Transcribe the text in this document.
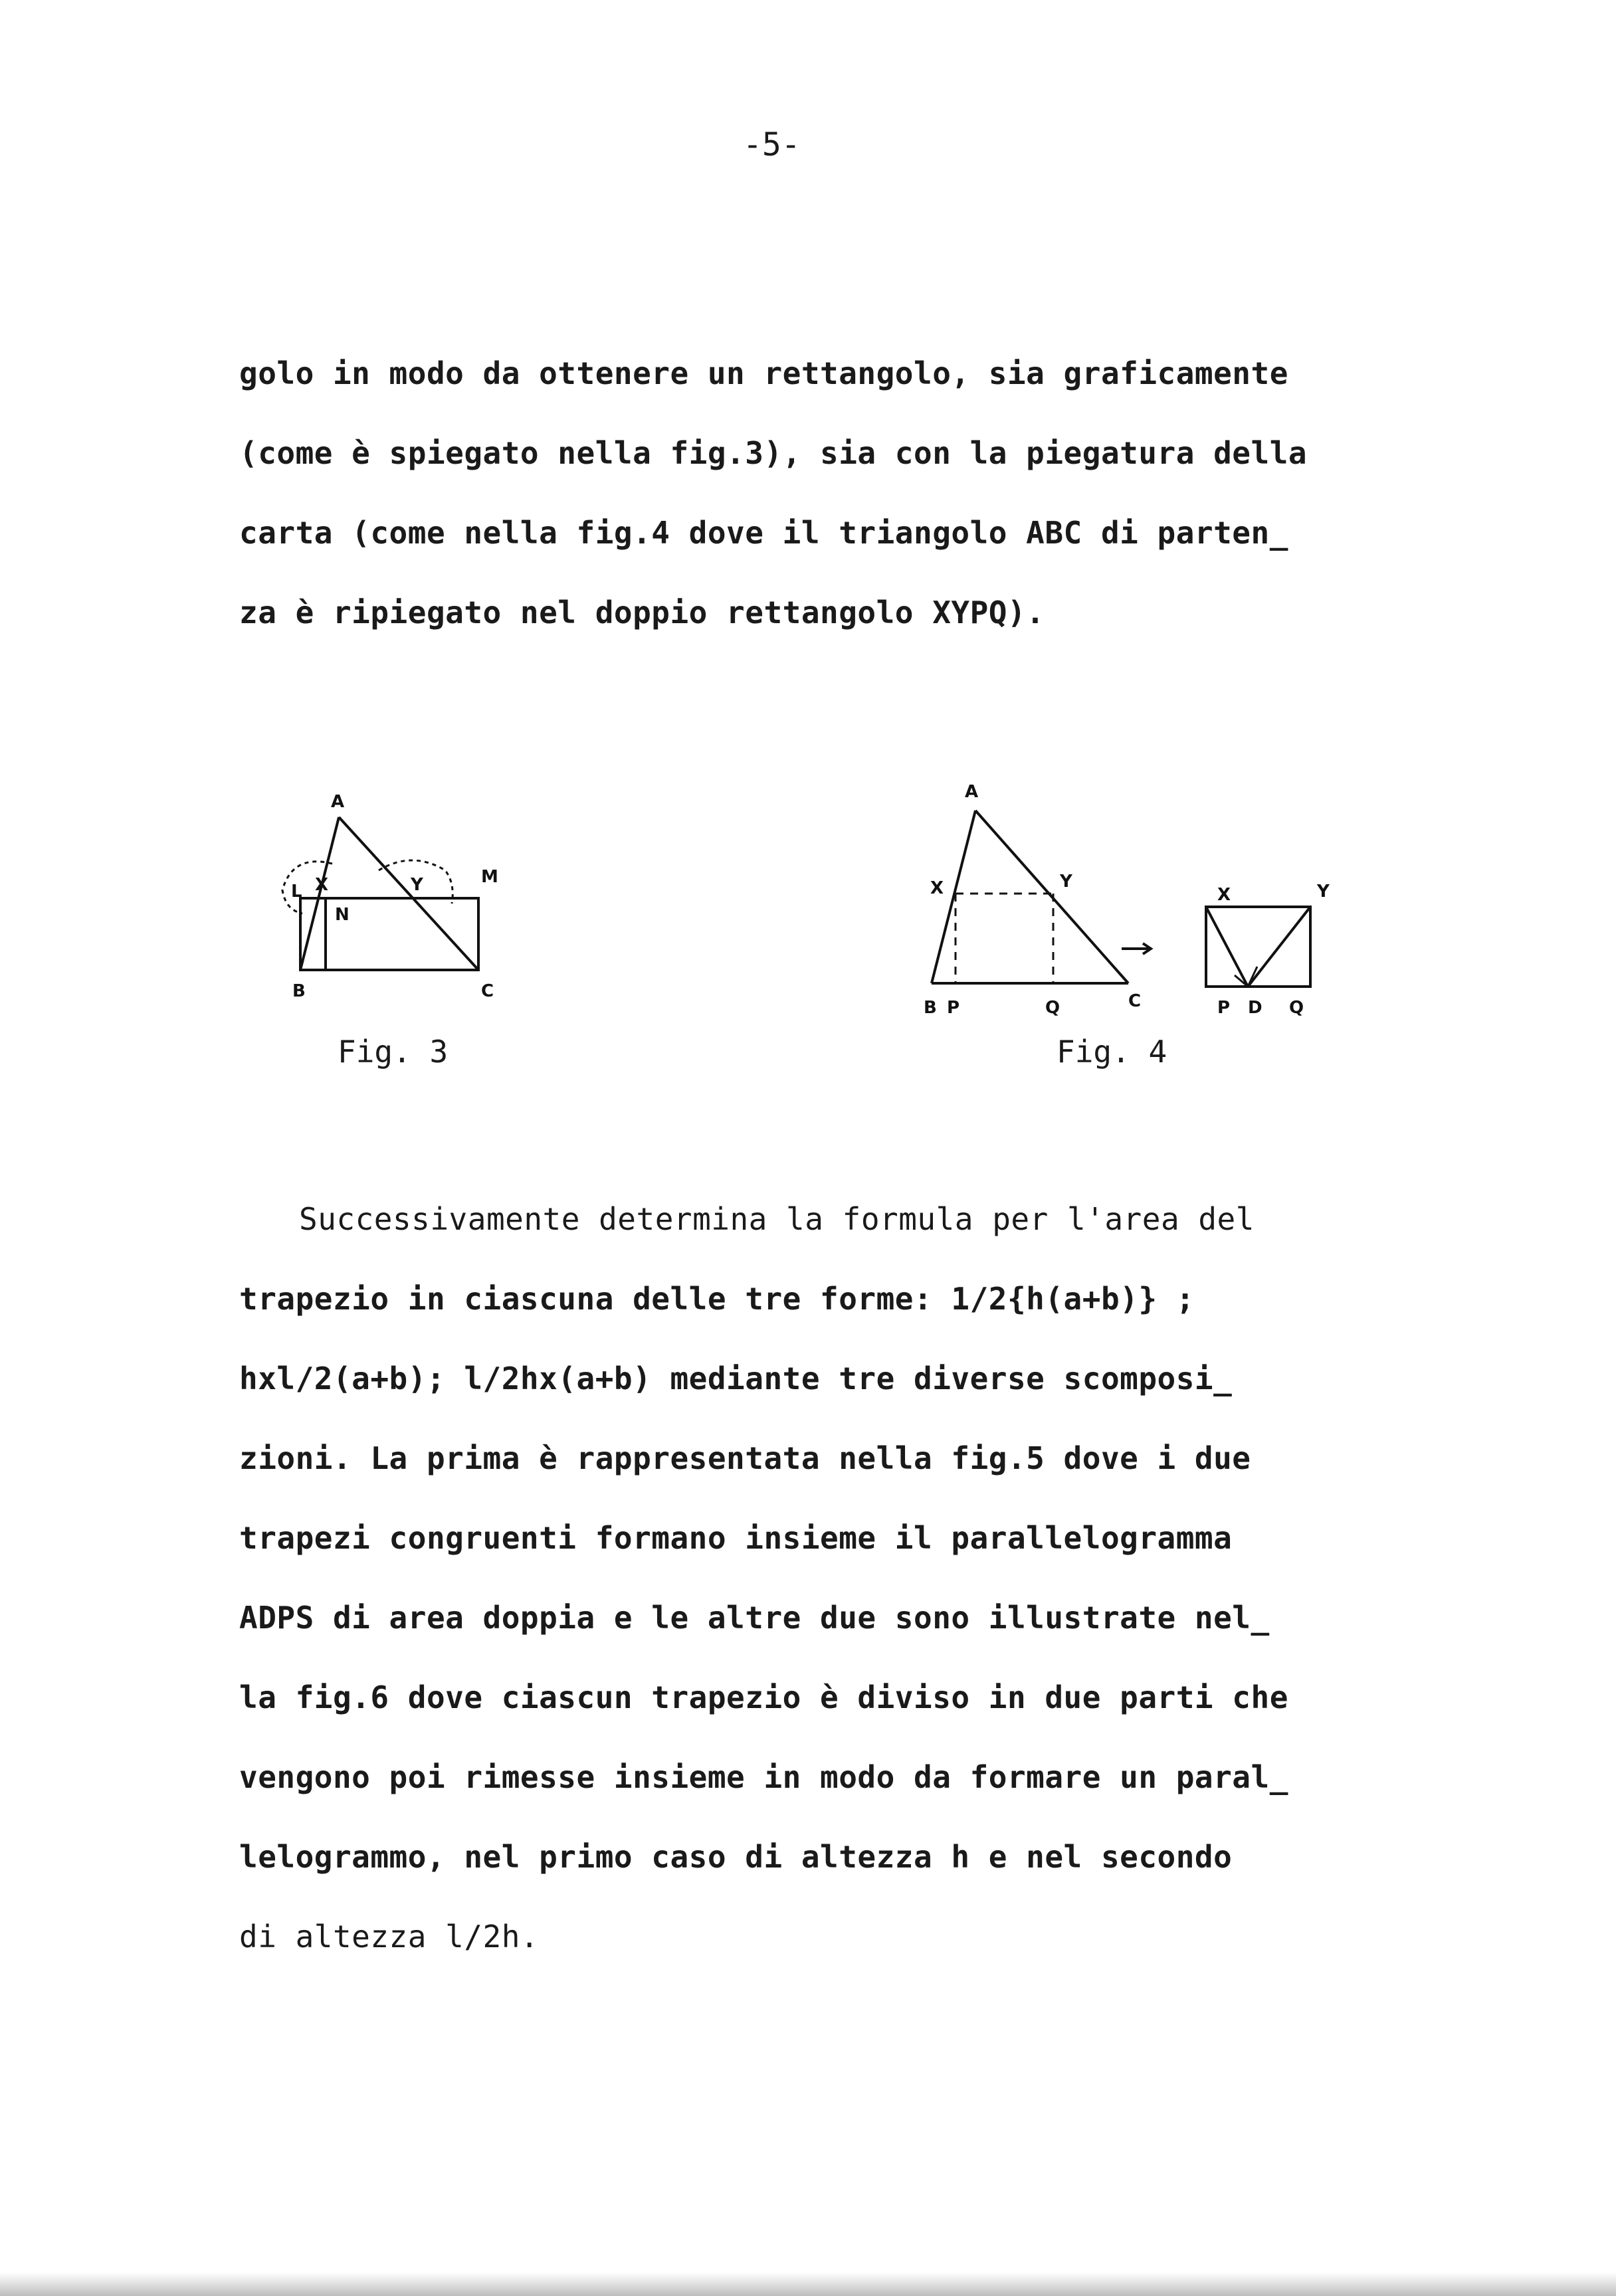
-5-
golo in modo da ottenere un rettangolo, sia graficamente
(come è spiegato nella fig.3), sia con la piegatura della
carta (come nella fig.4 dove il triangolo ABC di parten_
za è ripiegato nel doppio rettangolo XYPQ).
A
L X
N
Y	M
B	C
Fig. 3
A
X	Y
B P	Q	C
X	Y
P D Q
Fig. 4
Successivamente determina la formula per l'area del
trapezio in ciascuna delle tre forme: 1/2{h(a+b)} ;
hxl/2(a+b); l/2hx(a+b) mediante tre diverse scomposi_
zioni. La prima è rappresentata nella fig.5 dove i due
trapezi congruenti formano insieme il parallelogramma
ADPS di area doppia e le altre due sono illustrate nel_
la fig.6 dove ciascun trapezio è diviso in due parti che
vengono poi rimesse insieme in modo da formare un paral_
lelogrammo, nel primo caso di altezza h e nel secondo
di altezza l/2h.
